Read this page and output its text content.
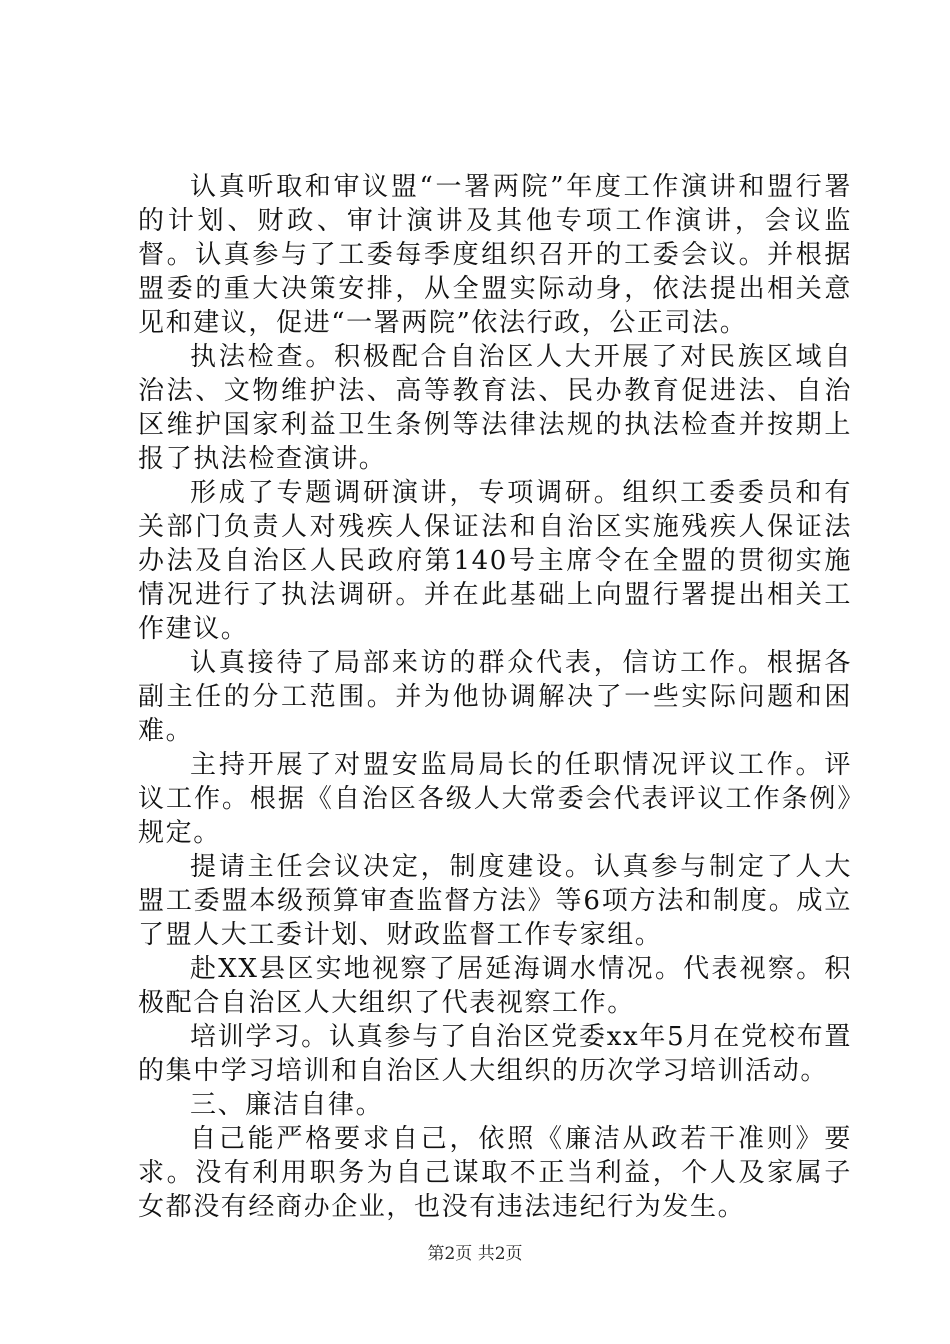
认真听取和审议盟“一署两院”年度工作演讲和盟行署的计划、财政、审计演讲及其他专项工作演讲，会议监督。认真参与了工委每季度组织召开的工委会议。并根据盟委的重大决策安排，从全盟实际动身，依法提出相关意见和建议，促进“一署两院”依法行政，公正司法。

执法检查。积极配合自治区人大开展了对民族区域自治法、文物维护法、高等教育法、民办教育促进法、自治区维护国家利益卫生条例等法律法规的执法检查并按期上报了执法检查演讲。

形成了专题调研演讲，专项调研。组织工委委员和有关部门负责人对残疾人保证法和自治区实施残疾人保证法办法及自治区人民政府第140号主席令在全盟的贯彻实施情况进行了执法调研。并在此基础上向盟行署提出相关工作建议。

认真接待了局部来访的群众代表，信访工作。根据各副主任的分工范围。并为他协调解决了一些实际问题和困难。

主持开展了对盟安监局局长的任职情况评议工作。评议工作。根据《自治区各级人大常委会代表评议工作条例》规定。

提请主任会议决定，制度建设。认真参与制定了人大盟工委盟本级预算审查监督方法》等6项方法和制度。成立了盟人大工委计划、财政监督工作专家组。

赴XX县区实地视察了居延海调水情况。代表视察。积极配合自治区人大组织了代表视察工作。

培训学习。认真参与了自治区党委xx年5月在党校布置的集中学习培训和自治区人大组织的历次学习培训活动。

三、廉洁自律。

自己能严格要求自己，依照《廉洁从政若干准则》要求。没有利用职务为自己谋取不正当利益，个人及家属子女都没有经商办企业，也没有违法违纪行为发生。

第2页 共2页
